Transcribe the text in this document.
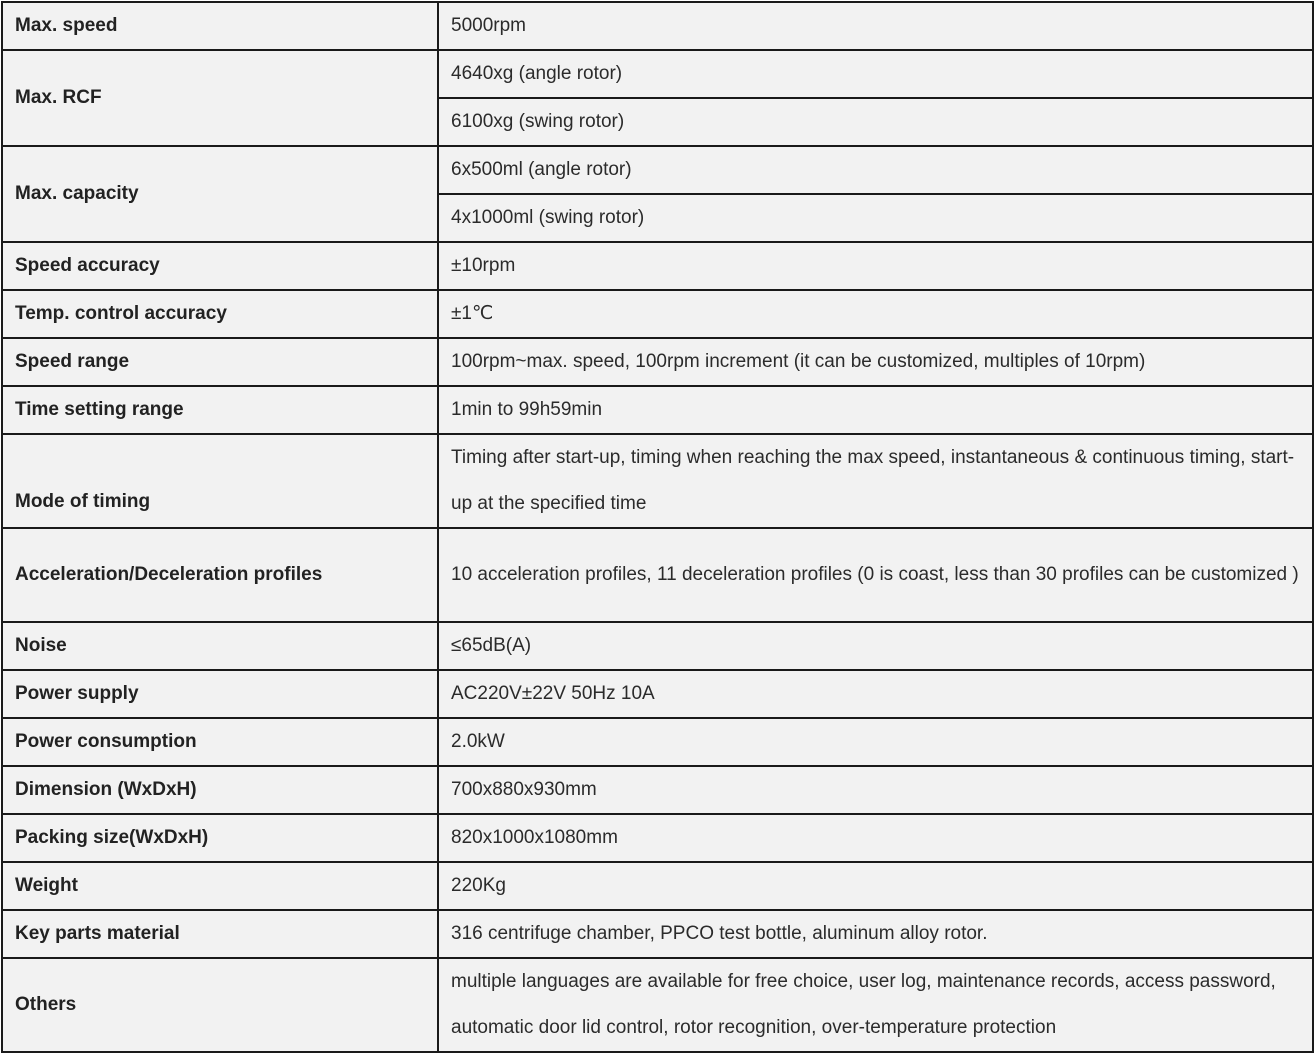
Max. speed	5000rpm
Max. RCF	4640xg (angle rotor)
	6100xg (swing rotor)
Max. capacity	6x500ml (angle rotor)
	4x1000ml (swing rotor)
Speed accuracy	±10rpm
Temp. control accuracy	±1℃
Speed range	100rpm~max. speed, 100rpm increment (it can be customized, multiples of 10rpm)
Time setting range	1min to 99h59min
Mode of timing	Timing after start-up, timing when reaching the max speed, instantaneous & continuous timing, start-up at the specified time
Acceleration/Deceleration profiles	10 acceleration profiles, 11 deceleration profiles (0 is coast, less than 30 profiles can be customized )
Noise	≤65dB(A)
Power supply	AC220V±22V 50Hz 10A
Power consumption	2.0kW
Dimension (WxDxH)	700x880x930mm
Packing size(WxDxH)	820x1000x1080mm
Weight	220Kg
Key parts material	316 centrifuge chamber, PPCO test bottle, aluminum alloy rotor.
Others	multiple languages are available for free choice, user log, maintenance records, access password, automatic door lid control, rotor recognition, over-temperature protection
